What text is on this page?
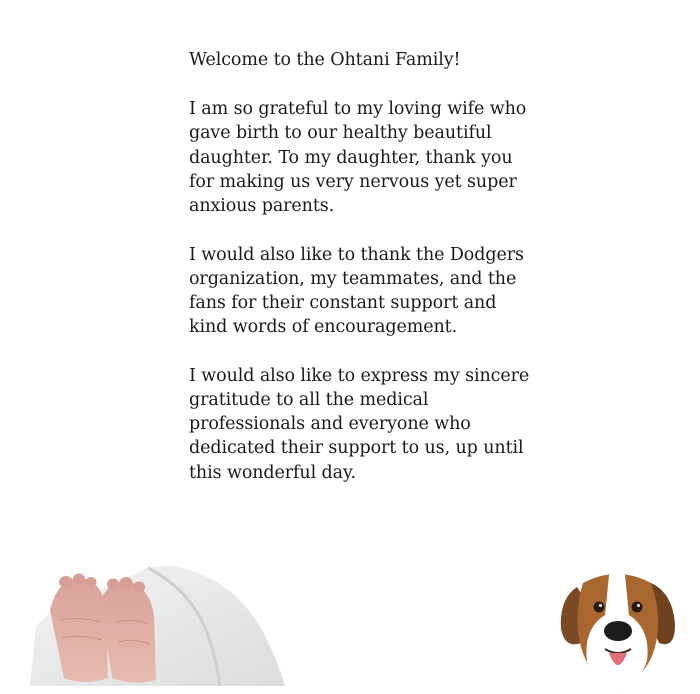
Welcome to the Ohtani Family!

I am so grateful to my loving wife who
gave birth to our healthy beautiful
daughter. To my daughter, thank you
for making us very nervous yet super
anxious parents.

I would also like to thank the Dodgers
organization, my teammates, and the
fans for their constant support and
kind words of encouragement.

I would also like to express my sincere
gratitude to all the medical
professionals and everyone who
dedicated their support to us, up until
this wonderful day.
